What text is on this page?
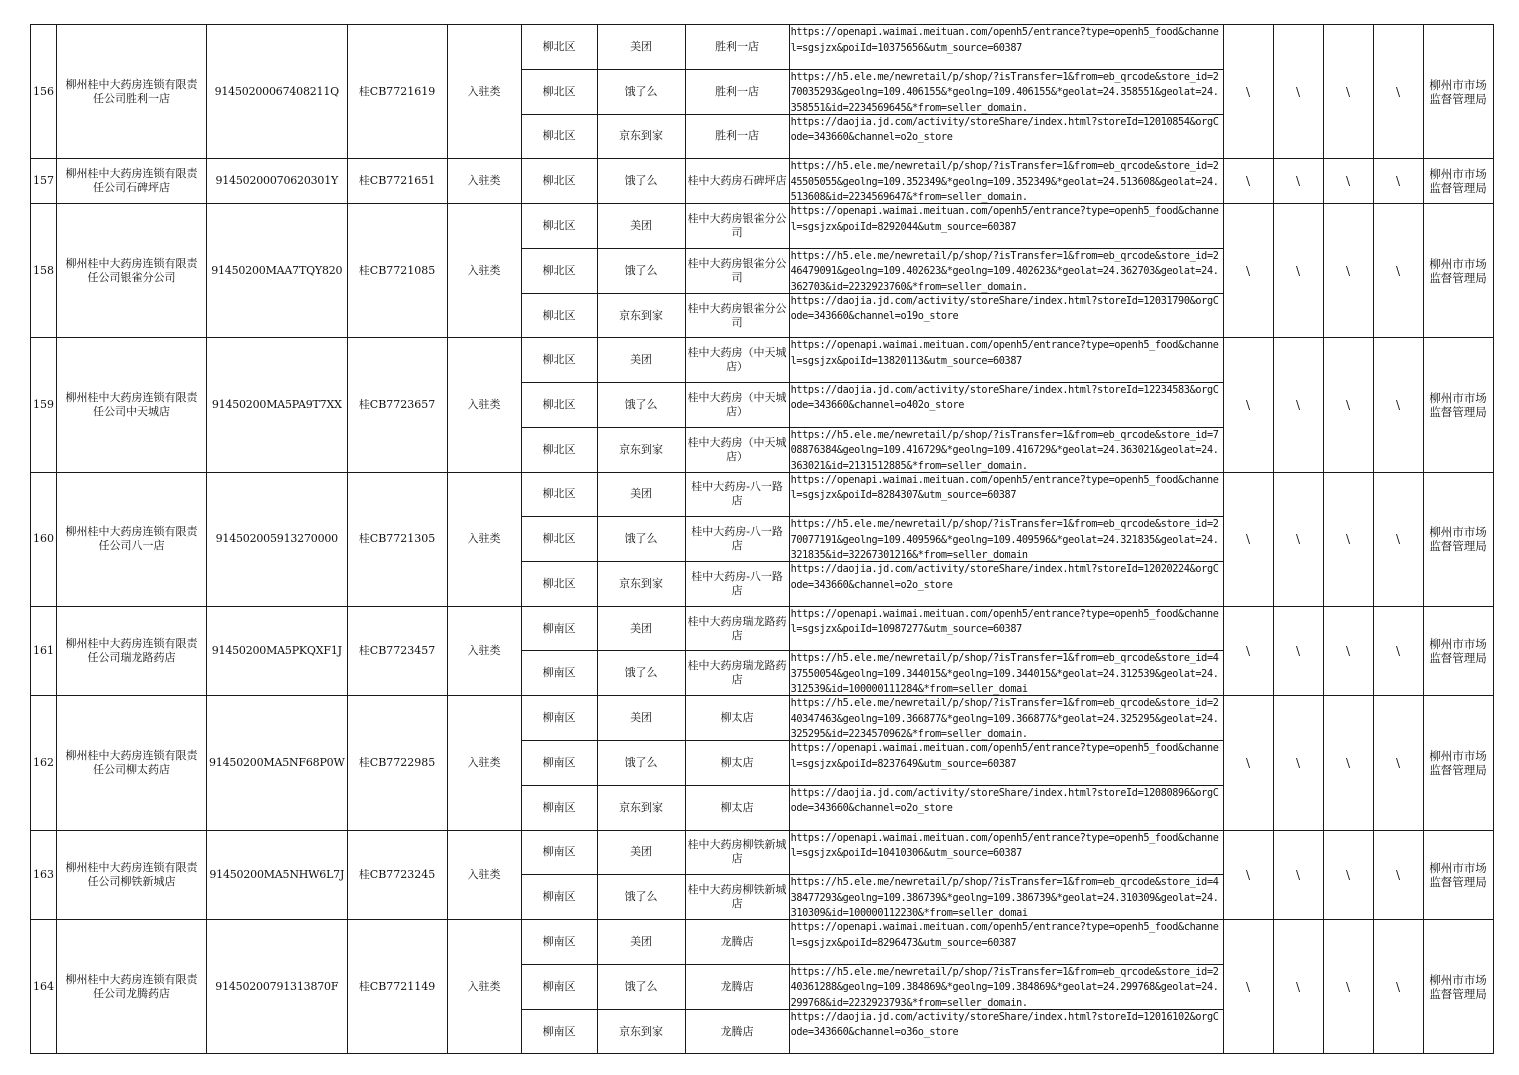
156	柳州桂中大药房连锁有限责任公司胜利一店	91450200067408211Q	桂CB7721619	入驻类	柳北区	美团	胜利一店	https://openapi.waimai.meituan.com/openh5/entrance?type=openh5_food&channel=sgsjzx&poiId=10375656&utm_source=60387	\	\	\	\	柳州市市场监督管理局
					柳北区	饿了么	胜利一店	https://h5.ele.me/newretail/p/shop/?isTransfer=1&from=eb_qrcode&store_id=270035293&geolng=109.406155&*geolng=109.406155&*geolat=24.358551&geolat=24.358551&id=2234569645&*from=seller_domain.					

					柳北区	京东到家	胜利一店	https://daojia.jd.com/activity/storeShare/index.html?storeId=12010854&orgCode=343660&channel=o2o_store					

157	柳州桂中大药房连锁有限责任公司石碑坪店	91450200070620301Y	桂CB7721651	入驻类	柳北区	饿了么	桂中大药房石碑坪店	https://h5.ele.me/newretail/p/shop/?isTransfer=1&from=eb_qrcode&store_id=245505055&geolng=109.352349&*geolng=109.352349&*geolat=24.513608&geolat=24.513608&id=2234569647&*from=seller_domain.	\	\	\	\	柳州市市场监督管理局
158	柳州桂中大药房连锁有限责任公司银雀分公司	91450200MAA7TQY820	桂CB7721085	入驻类	柳北区	美团	桂中大药房银雀分公司	https://openapi.waimai.meituan.com/openh5/entrance?type=openh5_food&channel=sgsjzx&poiId=8292044&utm_source=60387	\	\	\	\	柳州市市场监督管理局
					柳北区	饿了么	桂中大药房银雀分公司	https://h5.ele.me/newretail/p/shop/?isTransfer=1&from=eb_qrcode&store_id=246479091&geolng=109.402623&*geolng=109.402623&*geolat=24.362703&geolat=24.362703&id=2232923760&*from=seller_domain.					

					柳北区	京东到家	桂中大药房银雀分公司	https://daojia.jd.com/activity/storeShare/index.html?storeId=12031790&orgCode=343660&channel=o19o_store					

159	柳州桂中大药房连锁有限责任公司中天城店	91450200MA5PA9T7XX	桂CB7723657	入驻类	柳北区	美团	桂中大药房（中天城店）	https://openapi.waimai.meituan.com/openh5/entrance?type=openh5_food&channel=sgsjzx&poiId=13820113&utm_source=60387	\	\	\	\	柳州市市场监督管理局
					柳北区	饿了么	桂中大药房（中天城店）	https://daojia.jd.com/activity/storeShare/index.html?storeId=12234583&orgCode=343660&channel=o402o_store					

					柳北区	京东到家	桂中大药房（中天城店）	https://h5.ele.me/newretail/p/shop/?isTransfer=1&from=eb_qrcode&store_id=708876384&geolng=109.416729&*geolng=109.416729&*geolat=24.363021&geolat=24.363021&id=2131512885&*from=seller_domain.					

160	柳州桂中大药房连锁有限责任公司八一店	914502005913270000	桂CB7721305	入驻类	柳北区	美团	桂中大药房-八一路店	https://openapi.waimai.meituan.com/openh5/entrance?type=openh5_food&channel=sgsjzx&poiId=8284307&utm_source=60387	\	\	\	\	柳州市市场监督管理局
					柳北区	饿了么	桂中大药房-八一路店	https://h5.ele.me/newretail/p/shop/?isTransfer=1&from=eb_qrcode&store_id=270077191&geolng=109.409596&*geolng=109.409596&*geolat=24.321835&geolat=24.321835&id=32267301216&*from=seller_domain					

					柳北区	京东到家	桂中大药房-八一路店	https://daojia.jd.com/activity/storeShare/index.html?storeId=12020224&orgCode=343660&channel=o2o_store					

161	柳州桂中大药房连锁有限责任公司瑞龙路药店	91450200MA5PKQXF1J	桂CB7723457	入驻类	柳南区	美团	桂中大药房瑞龙路药店	https://openapi.waimai.meituan.com/openh5/entrance?type=openh5_food&channel=sgsjzx&poiId=10987277&utm_source=60387	\	\	\	\	柳州市市场监督管理局
					柳南区	饿了么	桂中大药房瑞龙路药店	https://h5.ele.me/newretail/p/shop/?isTransfer=1&from=eb_qrcode&store_id=437550054&geolng=109.344015&*geolng=109.344015&*geolat=24.312539&geolat=24.312539&id=100000111284&*from=seller_domai					

162	柳州桂中大药房连锁有限责任公司柳太药店	91450200MA5NF68P0W	桂CB7722985	入驻类	柳南区	美团	柳太店	https://h5.ele.me/newretail/p/shop/?isTransfer=1&from=eb_qrcode&store_id=240347463&geolng=109.366877&*geolng=109.366877&*geolat=24.325295&geolat=24.325295&id=2234570962&*from=seller_domain.	\	\	\	\	柳州市市场监督管理局
					柳南区	饿了么	柳太店	https://openapi.waimai.meituan.com/openh5/entrance?type=openh5_food&channel=sgsjzx&poiId=8237649&utm_source=60387					

					柳南区	京东到家	柳太店	https://daojia.jd.com/activity/storeShare/index.html?storeId=12080896&orgCode=343660&channel=o2o_store					

163	柳州桂中大药房连锁有限责任公司柳铁新城店	91450200MA5NHW6L7J	桂CB7723245	入驻类	柳南区	美团	桂中大药房柳铁新城店	https://openapi.waimai.meituan.com/openh5/entrance?type=openh5_food&channel=sgsjzx&poiId=10410306&utm_source=60387	\	\	\	\	柳州市市场监督管理局
					柳南区	饿了么	桂中大药房柳铁新城店	https://h5.ele.me/newretail/p/shop/?isTransfer=1&from=eb_qrcode&store_id=438477293&geolng=109.386739&*geolng=109.386739&*geolat=24.310309&geolat=24.310309&id=100000112230&*from=seller_domai					

164	柳州桂中大药房连锁有限责任公司龙腾药店	91450200791313870F	桂CB7721149	入驻类	柳南区	美团	龙腾店	https://openapi.waimai.meituan.com/openh5/entrance?type=openh5_food&channel=sgsjzx&poiId=8296473&utm_source=60387	\	\	\	\	柳州市市场监督管理局
					柳南区	饿了么	龙腾店	https://h5.ele.me/newretail/p/shop/?isTransfer=1&from=eb_qrcode&store_id=240361288&geolng=109.384869&*geolng=109.384869&*geolat=24.299768&geolat=24.299768&id=2232923793&*from=seller_domain.					

					柳南区	京东到家	龙腾店	https://daojia.jd.com/activity/storeShare/index.html?storeId=12016102&orgCode=343660&channel=o36o_store					
